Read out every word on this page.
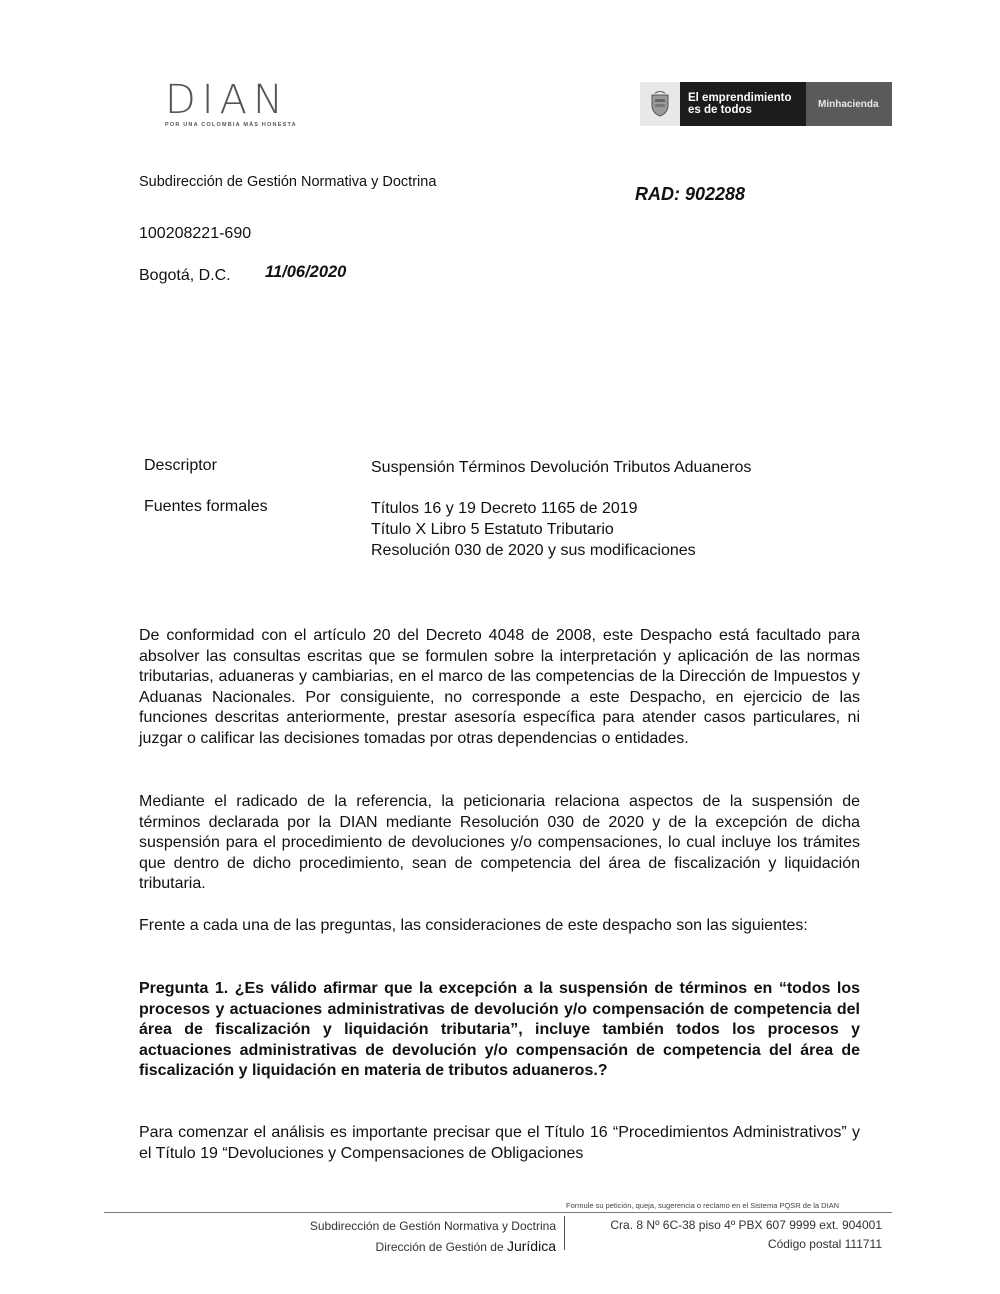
DIAN
POR UNA COLOMBIA MÁS HONESTA
El emprendimiento
es de todos	Minhacienda
Subdirección de Gestión Normativa y Doctrina
RAD: 902288
100208221-690
Bogotá, D.C. 11/06/2020
Descriptor	Suspensión Términos Devolución Tributos Aduaneros
Fuentes formales	Títulos 16 y 19 Decreto 1165 de 2019
Título X Libro 5 Estatuto Tributario
Resolución 030 de 2020 y sus modificaciones
De conformidad con el artículo 20 del Decreto 4048 de 2008, este Despacho está facultado para absolver las consultas escritas que se formulen sobre la interpretación y aplicación de las normas tributarias, aduaneras y cambiarias, en el marco de las competencias de la Dirección de Impuestos y Aduanas Nacionales. Por consiguiente, no corresponde a este Despacho, en ejercicio de las funciones descritas anteriormente, prestar asesoría específica para atender casos particulares, ni juzgar o calificar las decisiones tomadas por otras dependencias o entidades.
Mediante el radicado de la referencia, la peticionaria relaciona aspectos de la suspensión de términos declarada por la DIAN mediante Resolución 030 de 2020 y de la excepción de dicha suspensión para el procedimiento de devoluciones y/o compensaciones, lo cual incluye los trámites que dentro de dicho procedimiento, sean de competencia del área de fiscalización y liquidación tributaria.
Frente a cada una de las preguntas, las consideraciones de este despacho son las siguientes:
Pregunta 1. ¿Es válido afirmar que la excepción a la suspensión de términos en “todos los procesos y actuaciones administrativas de devolución y/o compensación de competencia del área de fiscalización y liquidación tributaria”, incluye también todos los procesos y actuaciones administrativas de devolución y/o compensación de competencia del área de fiscalización y liquidación en materia de tributos aduaneros.?
Para comenzar el análisis es importante precisar que el Título 16 “Procedimientos Administrativos” y el Título 19 “Devoluciones y Compensaciones de Obligaciones
Formule su petición, queja, sugerencia o reclamo en el Sistema PQSR de la DIAN
Subdirección de Gestión Normativa y Doctrina
Dirección de Gestión de Jurídica
Cra. 8 Nº 6C-38 piso 4º PBX 607 9999 ext. 904001
Código postal 111711
